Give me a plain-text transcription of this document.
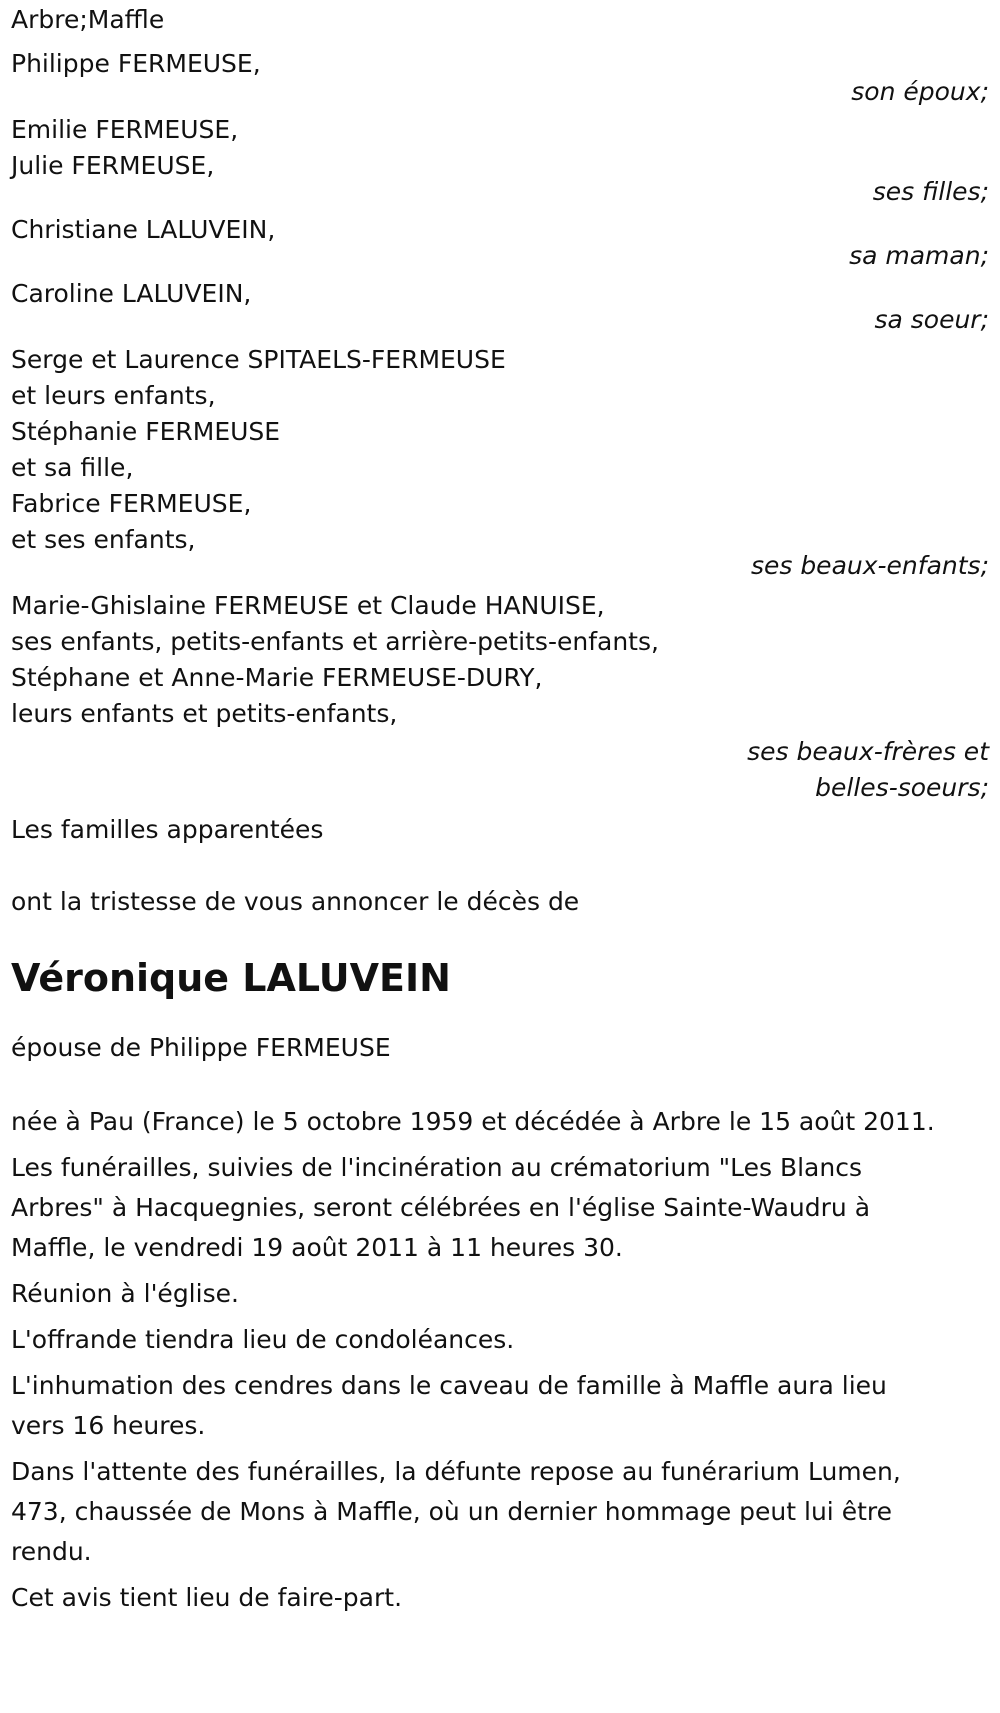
Arbre;Maffle
Philippe FERMEUSE,
son époux;
Emilie FERMEUSE,
Julie FERMEUSE,
ses filles;
Christiane LALUVEIN,
sa maman;
Caroline LALUVEIN,
sa soeur;
Serge et Laurence SPITAELS-FERMEUSE
et leurs enfants,
Stéphanie FERMEUSE
et sa fille,
Fabrice FERMEUSE,
et ses enfants,
ses beaux-enfants;
Marie-Ghislaine FERMEUSE et Claude HANUISE,
ses enfants, petits-enfants et arrière-petits-enfants,
Stéphane et Anne-Marie FERMEUSE-DURY,
leurs enfants et petits-enfants,
ses beaux-frères et
belles-soeurs;
Les familles apparentées
ont la tristesse de vous annoncer le décès de
Véronique LALUVEIN
épouse de Philippe FERMEUSE
née à Pau (France) le 5 octobre 1959 et décédée à Arbre le 15 août 2011.
Les funérailles, suivies de l'incinération au crématorium "Les Blancs
Arbres" à Hacquegnies, seront célébrées en l'église Sainte-Waudru à
Maffle, le vendredi 19 août 2011 à 11 heures 30.
Réunion à l'église.
L'offrande tiendra lieu de condoléances.
L'inhumation des cendres dans le caveau de famille à Maffle aura lieu
vers 16 heures.
Dans l'attente des funérailles, la défunte repose au funérarium Lumen,
473, chaussée de Mons à Maffle, où un dernier hommage peut lui être
rendu.
Cet avis tient lieu de faire-part.
